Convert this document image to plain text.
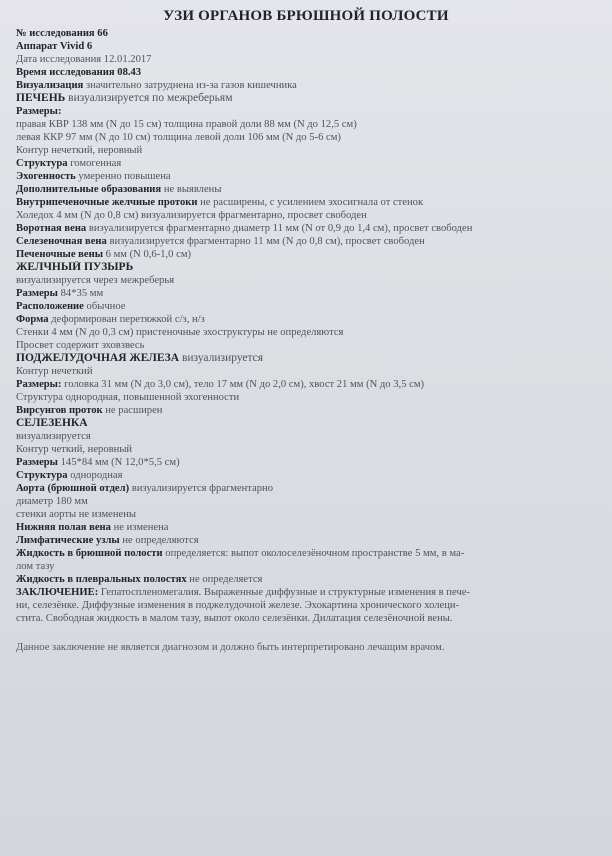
УЗИ ОРГАНОВ БРЮШНОЙ ПОЛОСТИ
№ исследования 66
Аппарат Vivid 6
Дата исследования 12.01.2017
Время исследования 08.43
Визуализация значительно затруднена из-за газов кишечника
ПЕЧЕНЬ визуализируется по межреберьям
Размеры:
правая КВР 138 мм (N до 15 см) толщина правой доли 88 мм (N до 12,5 см)
левая ККР 97 мм (N до 10 см) толщина левой доли 106 мм (N до 5-6 см)
Контур нечеткий, неровный
Структура гомогенная
Эхогенность умеренно повышена
Дополнительные образования не выявлены
Внутрипеченочные желчные протоки не расширены, с усилением эхосигнала от стенок
Холедох 4 мм (N до 0,8 см) визуализируется фрагментарно, просвет свободен
Воротная вена визуализируется фрагментарно диаметр 11 мм (N от 0,9 до 1,4 см), просвет свободен
Селезеночная вена визуализируется фрагментарно 11 мм (N до 0,8 см), просвет свободен
Печеночные вены 6 мм (N 0,6-1,0 см)
ЖЕЛЧНЫЙ ПУЗЫРЬ
визуализируется через межреберья
Размеры 84*35 мм
Расположение обычное
Форма деформирован перетяжкой с/з, н/з
Стенки 4 мм (N до 0,3 см) пристеночные эхоструктуры не определяются
Просвет содержит эховзвесь
ПОДЖЕЛУДОЧНАЯ ЖЕЛЕЗА визуализируется
Контур нечеткий
Размеры: головка 31 мм (N до 3,0 см), тело 17 мм (N до 2,0 см), хвост 21 мм (N до 3,5 см)
Структура однородная, повышенной эхогенности
Вирсунгов проток не расширен
СЕЛЕЗЕНКА
визуализируется
Контур четкий, неровный
Размеры 145*84 мм (N 12,0*5,5 см)
Структура однородная
Аорта (брюшной отдел) визуализируется фрагментарно
диаметр 180 мм
стенки аорты не изменены
Нижняя полая вена не изменена
Лимфатические узлы не определяются
Жидкость в брюшной полости определяется: выпот околоселезёночном пространстве 5 мм, в ма-
лом тазу
Жидкость в плевральных полостях не определяется
ЗАКЛЮЧЕНИЕ: Гепатоспленомегалия. Выраженные диффузные и структурные изменения в пече-
ни, селезёнке. Диффузные изменения в поджелудочной железе. Эхокартина хронического холеци-
стита. Свободная жидкость в малом тазу, выпот около селезёнки. Дилатация селезёночной вены.
Данное заключение не является диагнозом и должно быть интерпретировано лечащим врачом.
